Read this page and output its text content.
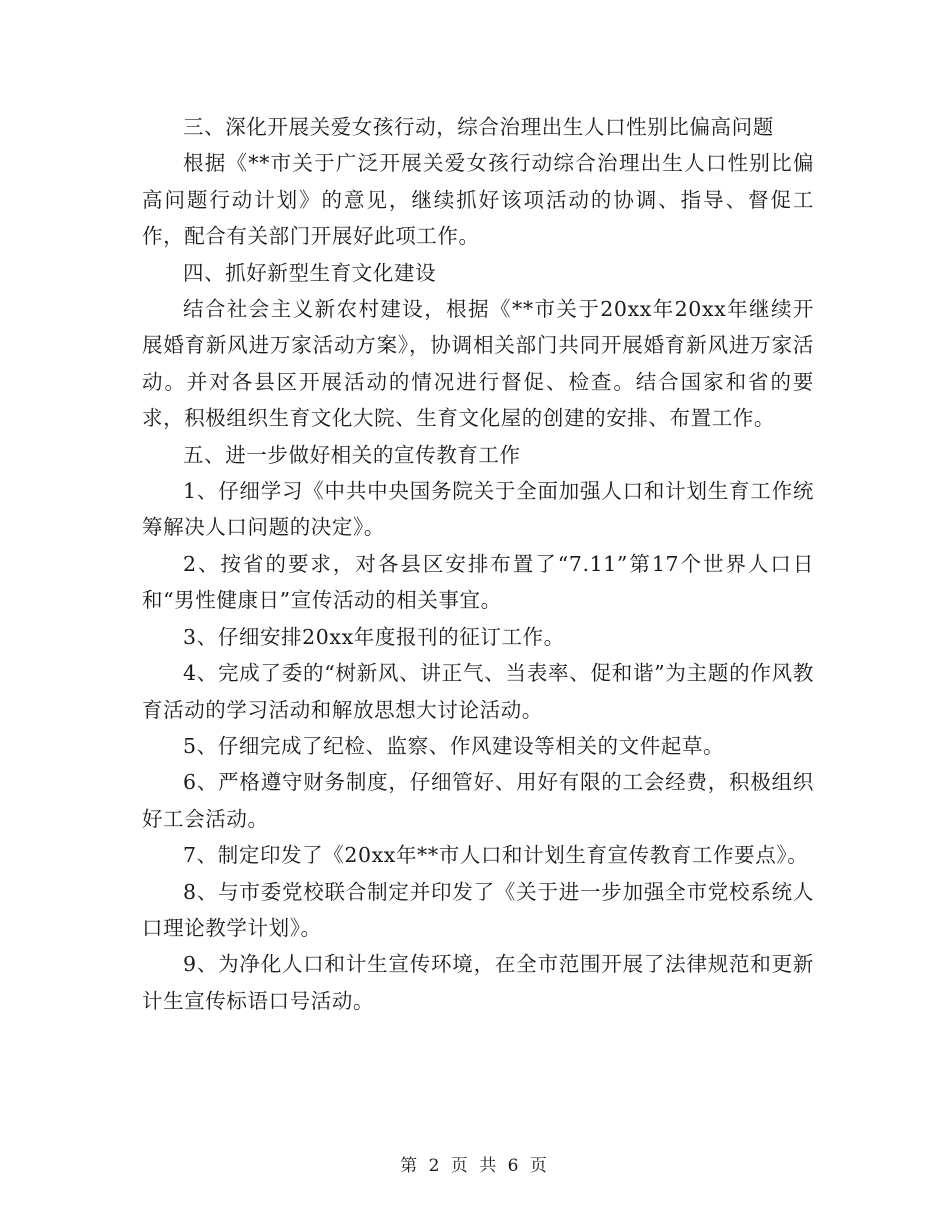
三、深化开展关爱女孩行动，综合治理出生人口性别比偏高问题

根据《**市关于广泛开展关爱女孩行动综合治理出生人口性别比偏高问题行动计划》的意见，继续抓好该项活动的协调、指导、督促工作，配合有关部门开展好此项工作。

四、抓好新型生育文化建设

结合社会主义新农村建设，根据《**市关于20xx年20xx年继续开展婚育新风进万家活动方案》，协调相关部门共同开展婚育新风进万家活动。并对各县区开展活动的情况进行督促、检查。结合国家和省的要求，积极组织生育文化大院、生育文化屋的创建的安排、布置工作。

五、进一步做好相关的宣传教育工作

1、仔细学习《中共中央国务院关于全面加强人口和计划生育工作统筹解决人口问题的决定》。

2、按省的要求，对各县区安排布置了“7.11”第17个世界人口日和“男性健康日”宣传活动的相关事宜。

3、仔细安排20xx年度报刊的征订工作。

4、完成了委的“树新风、讲正气、当表率、促和谐”为主题的作风教育活动的学习活动和解放思想大讨论活动。

5、仔细完成了纪检、监察、作风建设等相关的文件起草。

6、严格遵守财务制度，仔细管好、用好有限的工会经费，积极组织好工会活动。

7、制定印发了《20xx年**市人口和计划生育宣传教育工作要点》。

8、与市委党校联合制定并印发了《关于进一步加强全市党校系统人口理论教学计划》。

9、为净化人口和计生宣传环境，在全市范围开展了法律规范和更新计生宣传标语口号活动。

第 2 页 共 6 页
